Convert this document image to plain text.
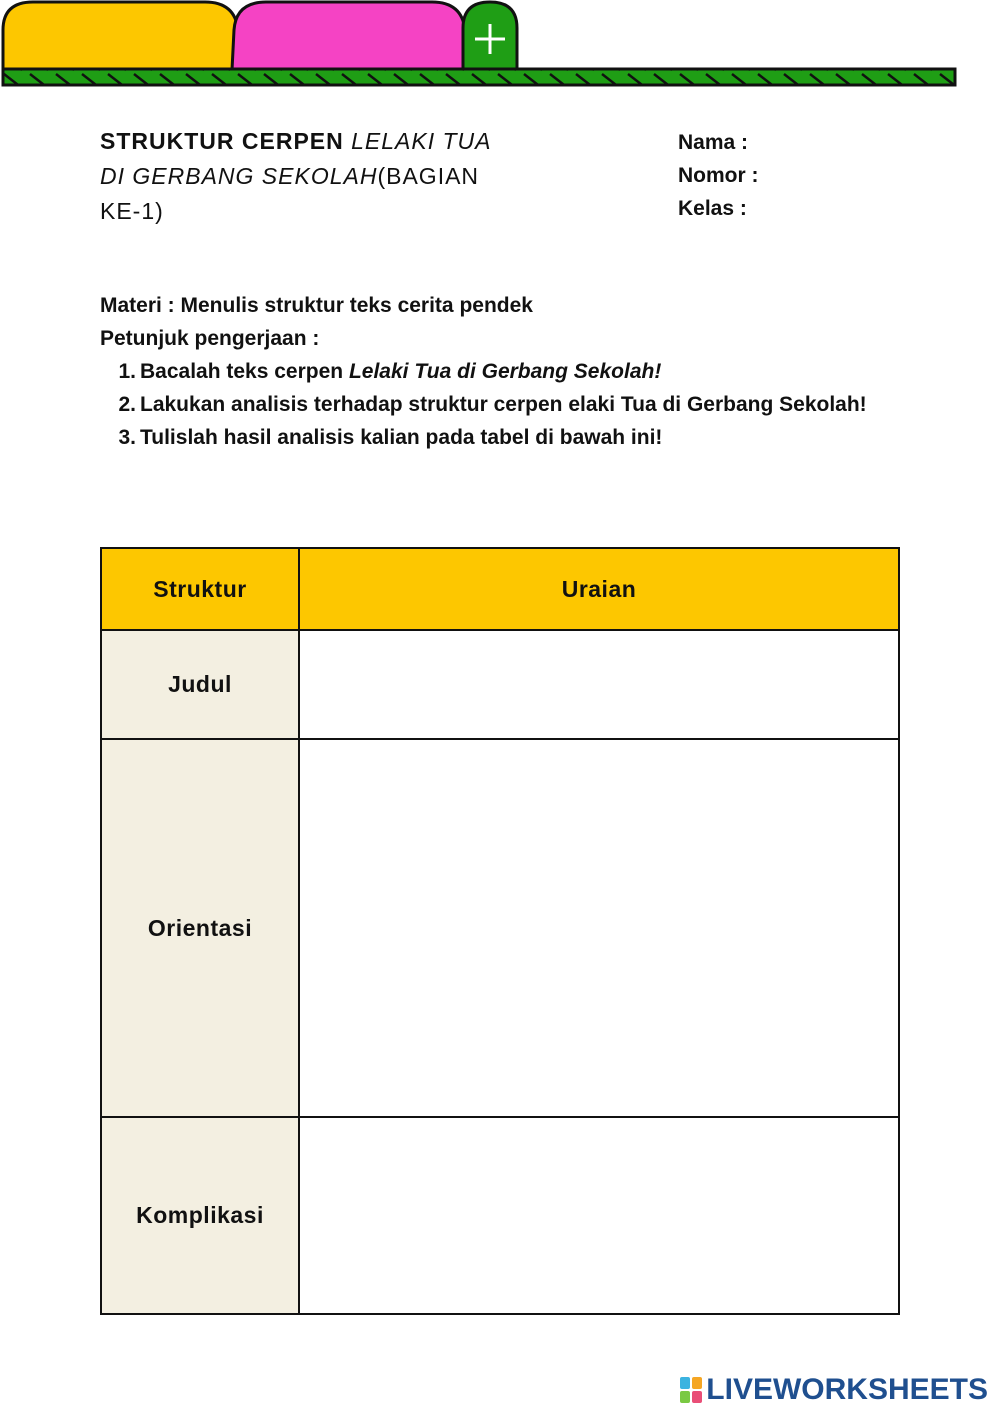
STRUKTUR CERPEN LELAKI TUA DI GERBANG SEKOLAH(BAGIAN KE-1)
Nama :
Nomor :
Kelas :
Materi : Menulis struktur teks cerita pendek
Petunjuk pengerjaan :
1. Bacalah teks cerpen Lelaki Tua di Gerbang Sekolah!
2. Lakukan analisis terhadap struktur cerpen elaki Tua di Gerbang Sekolah!
3. Tulislah hasil analisis kalian pada tabel di bawah ini!
Struktur	Uraian
Judul	
Orientasi	
Komplikasi	
LIVEWORKSHEETS
